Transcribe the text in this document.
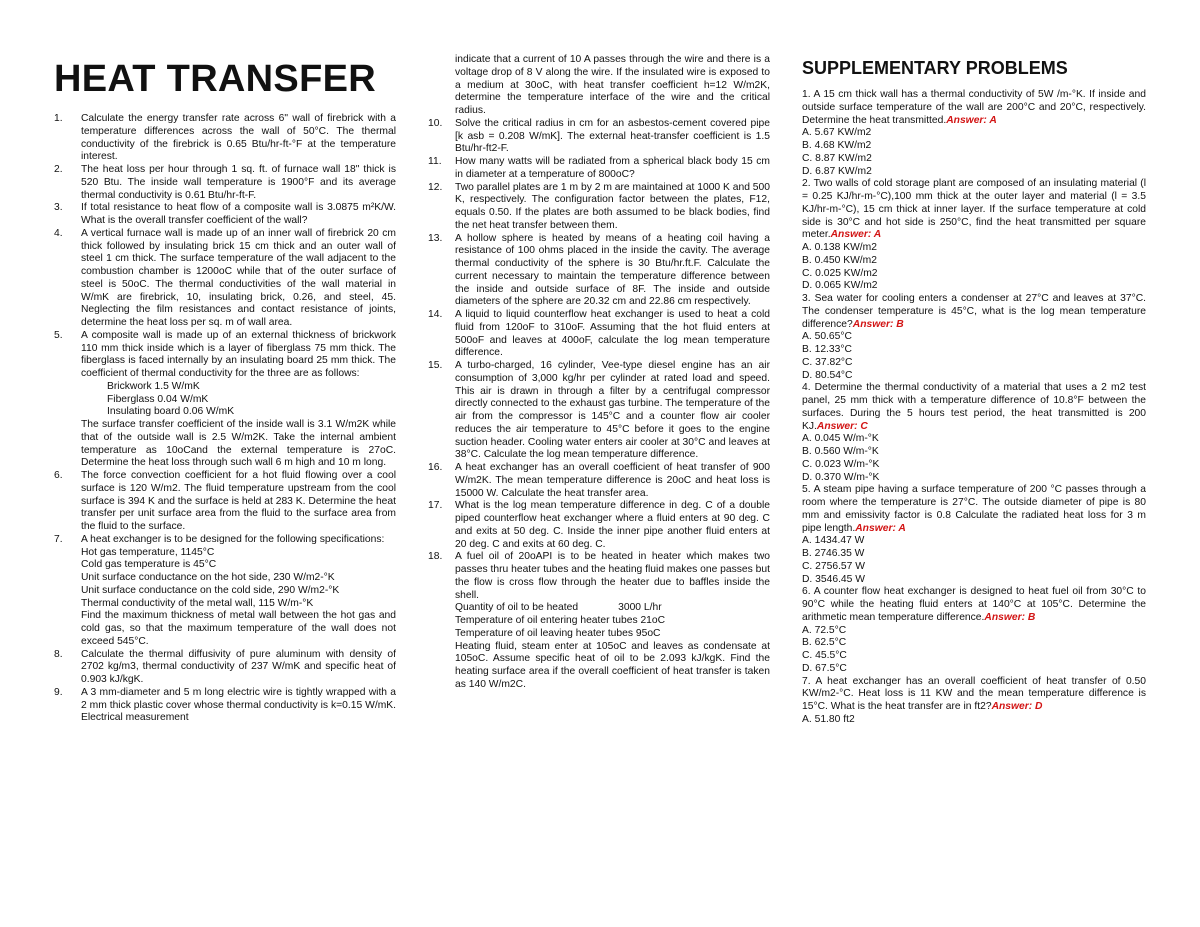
HEAT TRANSFER
1. Calculate the energy transfer rate across 6" wall of firebrick with a temperature differences across the wall of 50°C. The thermal conductivity of the firebrick is 0.65 Btu/hr-ft-°F at the temperature interest.
2. The heat loss per hour through 1 sq. ft. of furnace wall 18" thick is 520 Btu. The inside wall temperature is 1900°F and its average thermal conductivity is 0.61 Btu/hr-ft-F.
3. If total resistance to heat flow of a composite wall is 3.0875 m²K/W. What is the overall transfer coefficient of the wall?
4. A vertical furnace wall is made up of an inner wall of firebrick 20 cm thick followed by insulating brick 15 cm thick and an outer wall of steel 1 cm thick. The surface temperature of the wall adjacent to the combustion chamber is 1200oC while that of the outer surface of steel is 50oC. The thermal conductivities of the wall material in W/mK are firebrick, 10, insulating brick, 0.26, and steel, 45. Neglecting the film resistances and contact resistance of joints, determine the heat loss per sq. m of wall area.
5. A composite wall is made up of an external thickness of brickwork 110 mm thick inside which is a layer of fiberglass 75 mm thick. The fiberglass is faced internally by an insulating board 25 mm thick. The coefficient of thermal conductivity for the three are as follows:
Brickwork 1.5 W/mK
Fiberglass 0.04 W/mK
Insulating board 0.06 W/mK
The surface transfer coefficient of the inside wall is 3.1 W/m2K while that of the outside wall is 2.5 W/m2K. Take the internal ambient temperature as 10oCand the external temperature is 27oC. Determine the heat loss through such wall 6 m high and 10 m long.
6. The force convection coefficient for a hot fluid flowing over a cool surface is 120 W/m2. The fluid temperature upstream from the cool surface is 394 K and the surface is held at 283 K. Determine the heat transfer per unit surface area from the fluid to the surface area from the fluid to the surface.
7. A heat exchanger is to be designed for the following specifications:
Hot gas temperature, 1145°C
Cold gas temperature is 45°C
Unit surface conductance on the hot side, 230 W/m2-°K
Unit surface conductance on the cold side, 290 W/m2-°K
Thermal conductivity of the metal wall, 115 W/m-°K
Find the maximum thickness of metal wall between the hot gas and cold gas, so that the maximum temperature of the wall does not exceed 545°C.
8. Calculate the thermal diffusivity of pure aluminum with density of 2702 kg/m3, thermal conductivity of 237 W/mK and specific heat of 0.903 kJ/kgK.
9. A 3 mm-diameter and 5 m long electric wire is tightly wrapped with a 2 mm thick plastic cover whose thermal conductivity is k=0.15 W/mK. Electrical measurement
indicate that a current of 10 A passes through the wire and there is a voltage drop of 8 V along the wire. If the insulated wire is exposed to a medium at 30oC, with heat transfer coefficient h=12 W/m2K, determine the temperature interface of the wire and the critical radius.
10. Solve the critical radius in cm for an asbestos-cement covered pipe [k asb = 0.208 W/mK]. The external heat-transfer coefficient is 1.5 Btu/hr-ft2-F.
11. How many watts will be radiated from a spherical black body 15 cm in diameter at a temperature of 800oC?
12. Two parallel plates are 1 m by 2 m are maintained at 1000 K and 500 K, respectively. The configuration factor between the plates, F12, equals 0.50. If the plates are both assumed to be black bodies, find the net heat transfer between them.
13. A hollow sphere is heated by means of a heating coil having a resistance of 100 ohms placed in the inside the cavity. The average thermal conductivity of the sphere is 30 Btu/hr.ft.F. Calculate the current necessary to maintain the temperature difference between the inside and outside surface of 8F. The inside and outside diameters of the sphere are 20.32 cm and 22.86 cm respectively.
14. A liquid to liquid counterflow heat exchanger is used to heat a cold fluid from 120oF to 310oF. Assuming that the hot fluid enters at 500oF and leaves at 400oF, calculate the log mean temperature difference.
15. A turbo-charged, 16 cylinder, Vee-type diesel engine has an air consumption of 3,000 kg/hr per cylinder at rated load and speed. This air is drawn in through a filter by a centrifugal compressor directly connected to the exhaust gas turbine. The temperature of the air from the compressor is 145°C and a counter flow air cooler reduces the air temperature to 45°C before it goes to the engine suction header. Cooling water enters air cooler at 30°C and leaves at 38°C. Calculate the log mean temperature difference.
16. A heat exchanger has an overall coefficient of heat transfer of 900 W/m2K. The mean temperature difference is 20oC and heat loss is 15000 W. Calculate the heat transfer area.
17. What is the log mean temperature difference in deg. C of a double piped counterflow heat exchanger where a fluid enters at 90 deg. C and exits at 50 deg. C. Inside the inner pipe another fluid enters at 20 deg. C and exits at 60 deg. C.
18. A fuel oil of 20oAPI is to be heated in heater which makes two passes thru heater tubes and the heating fluid makes one passes but the flow is cross flow through the heater due to baffles inside the shell.
Quantity of oil to be heated              3000 L/hr
Temperature of oil entering heater tubes 21oC
Temperature of oil leaving heater tubes 95oC
Heating fluid, steam enter at 105oC and leaves as condensate at 105oC. Assume specific heat of oil to be 2.093 kJ/kgK. Find the heating surface area if the overall coefficient of heat transfer is taken as 140 W/m2C.
SUPPLEMENTARY PROBLEMS
1. A 15 cm thick wall has a thermal conductivity of 5W /m-°K. If inside and outside surface temperature of the wall are 200°C and 20°C, respectively. Determine the heat transmitted.Answer: A
A. 5.67 KW/m2
B. 4.68 KW/m2
C. 8.87 KW/m2
D. 6.87 KW/m2
2. Two walls of cold storage plant are composed of an insulating material (l = 0.25 KJ/hr-m-°C),100 mm thick at the outer layer and material (l = 3.5 KJ/hr-m-°C), 15 cm thick at inner layer. If the surface temperature at cold side is 30°C and hot side is 250°C, find the heat transmitted per square meter.Answer: A
A. 0.138 KW/m2
B. 0.450 KW/m2
C. 0.025 KW/m2
D. 0.065 KW/m2
3. Sea water for cooling enters a condenser at 27°C and leaves at 37°C. The condenser temperature is 45°C, what is the log mean temperature difference?Answer: B
A. 50.65°C
B. 12.33°C
C. 37.82°C
D. 80.54°C
4. Determine the thermal conductivity of a material that uses a 2 m2 test panel, 25 mm thick with a temperature difference of 10.8°F between the surfaces. During the 5 hours test period, the heat transmitted is 200 KJ.Answer: C
A. 0.045 W/m-°K
B. 0.560 W/m-°K
C. 0.023 W/m-°K
D. 0.370 W/m-°K
5. A steam pipe having a surface temperature of 200 °C passes through a room where the temperature is 27°C. The outside diameter of pipe is 80 mm and emissivity factor is 0.8 Calculate the radiated heat loss for 3 m pipe length.Answer: A
A. 1434.47 W
B. 2746.35 W
C. 2756.57 W
D. 3546.45 W
6. A counter flow heat exchanger is designed to heat fuel oil from 30°C to 90°C while the heating fluid enters at 140°C at 105°C. Determine the arithmetic mean temperature difference.Answer: B
A. 72.5°C
B. 62.5°C
C. 45.5°C
D. 67.5°C
7. A heat exchanger has an overall coefficient of heat transfer of 0.50 KW/m2-°C. Heat loss is 11 KW and the mean temperature difference is 15°C. What is the heat transfer are in ft2?Answer: D
A. 51.80 ft2
